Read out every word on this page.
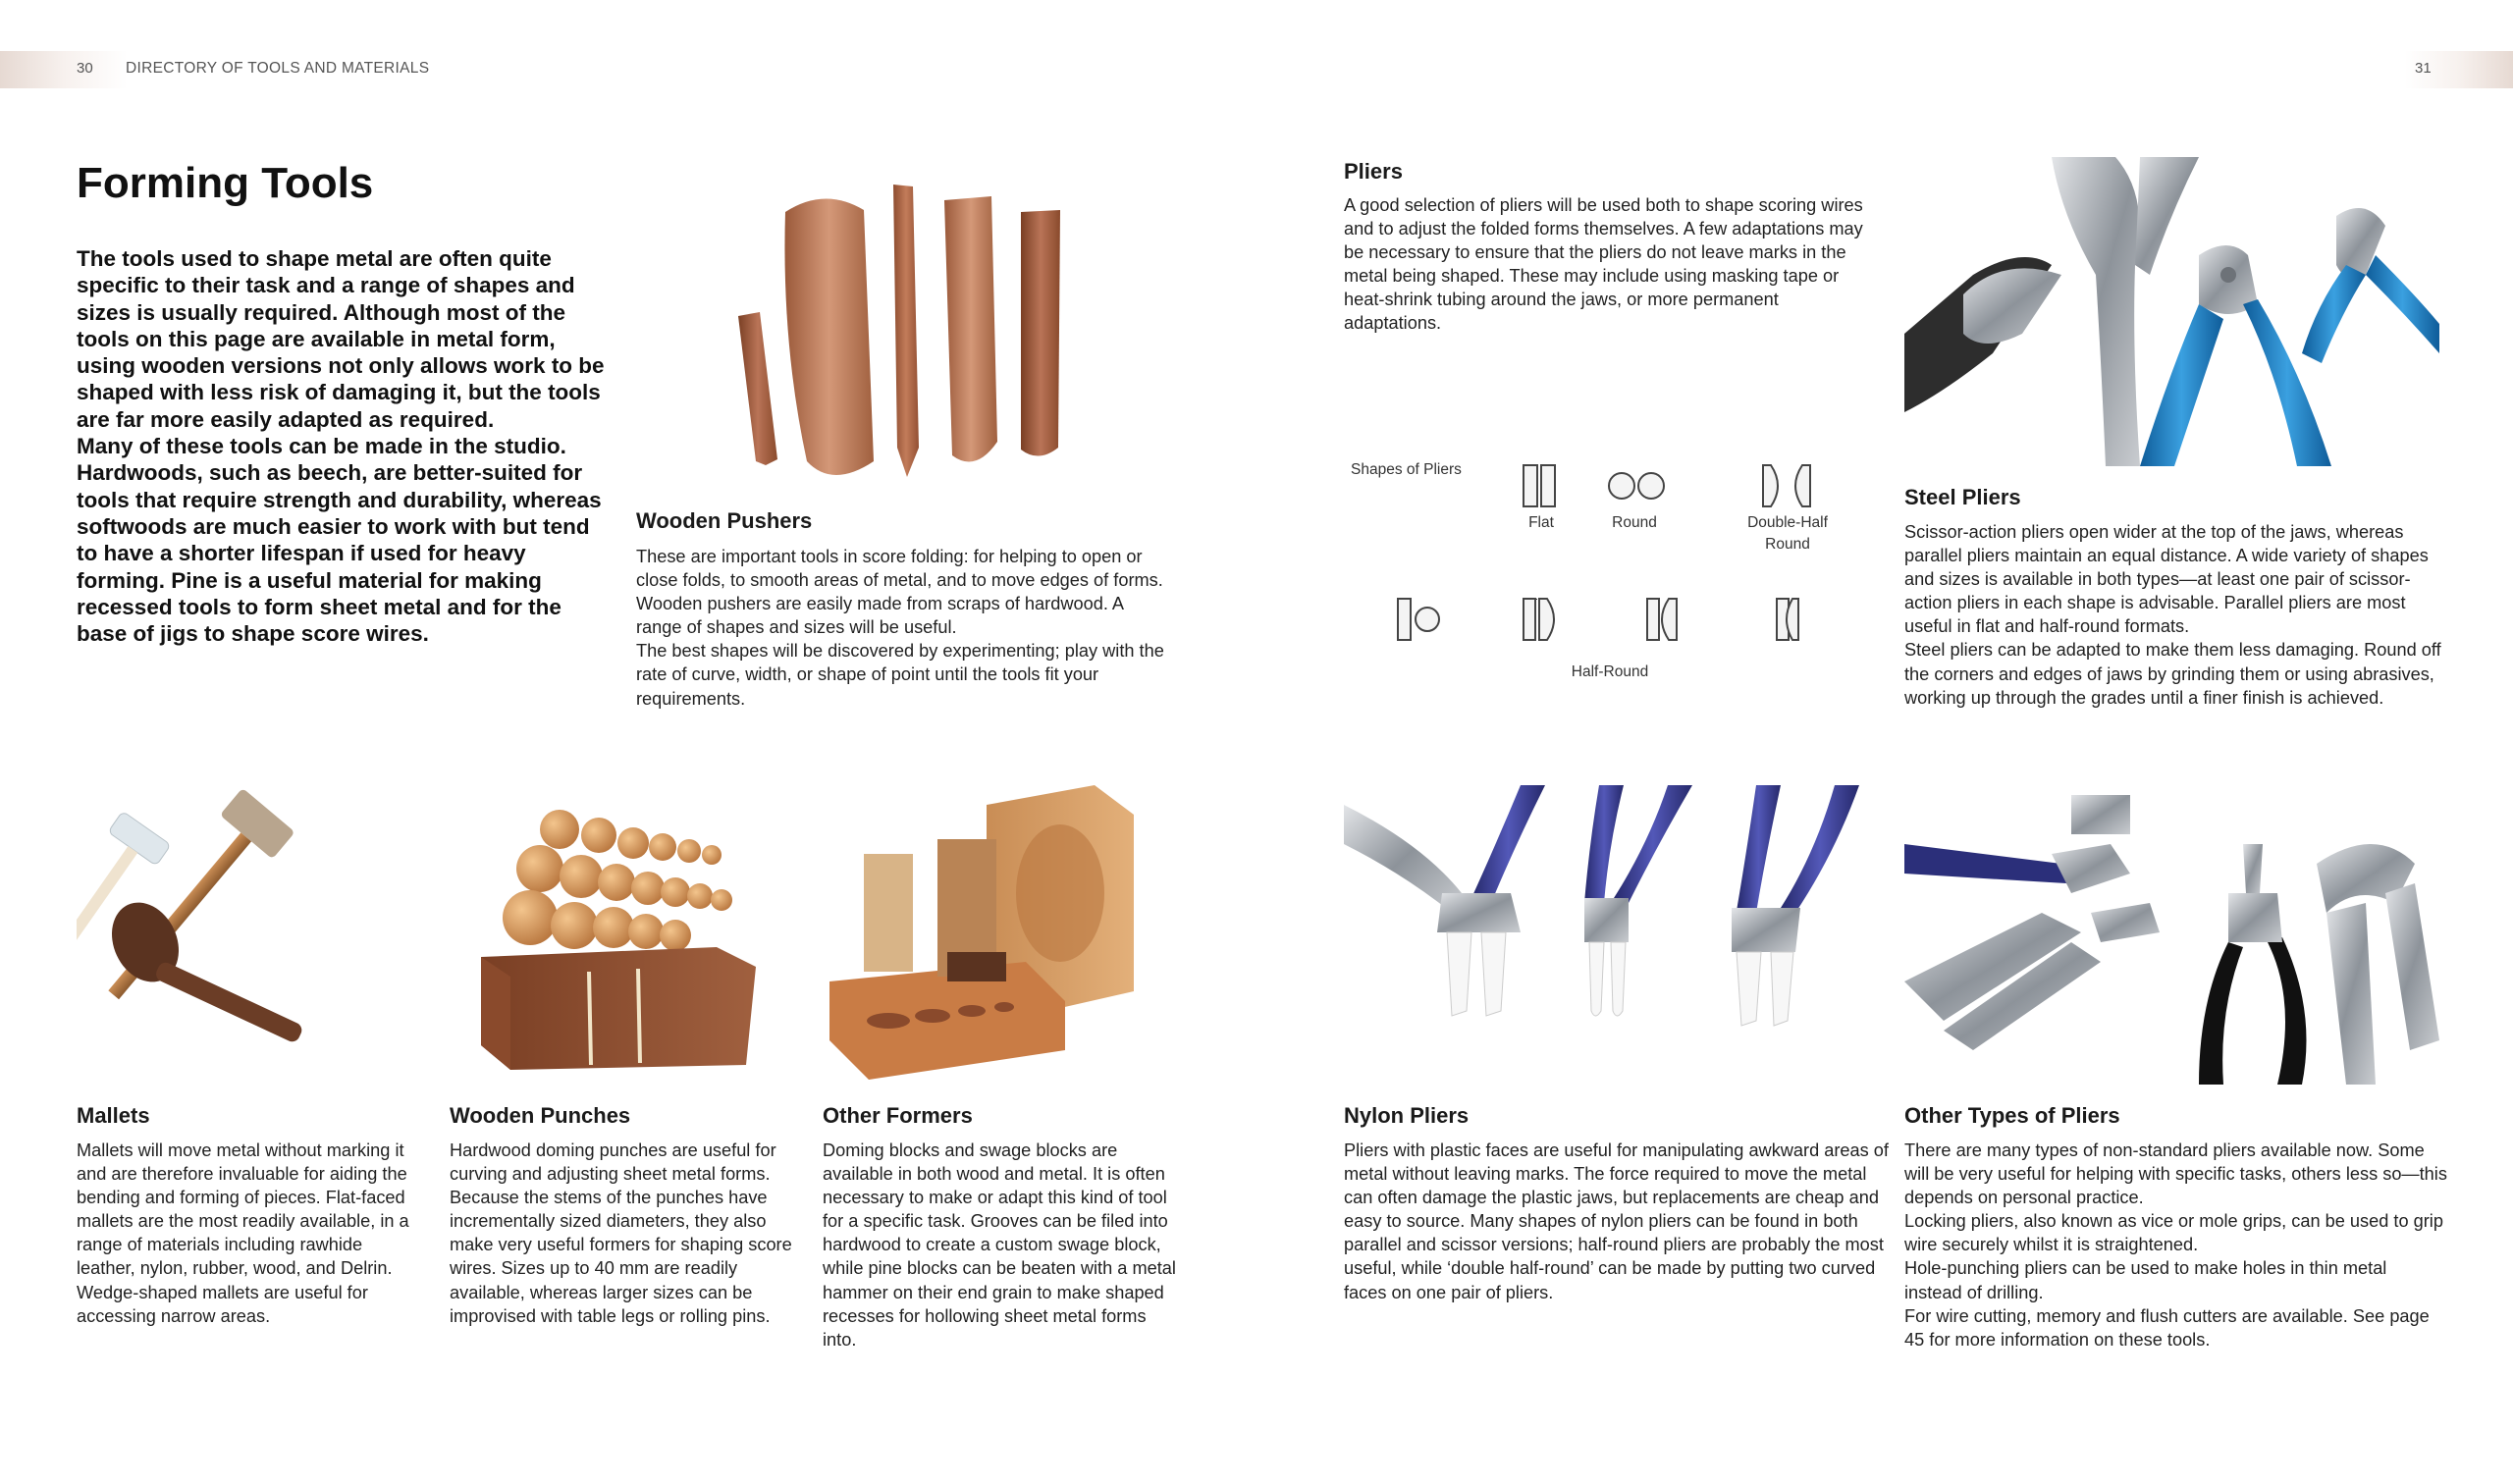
30 DIRECTORY OF TOOLS AND MATERIALS	31
Forming Tools

The tools used to shape metal are often quite specific to their task and a range of shapes and sizes is usually required. Although most of the tools on this page are available in metal form, using wooden versions not only allows work to be shaped with less risk of damaging it, but the tools are far more easily adapted as required.

Many of these tools can be made in the studio. Hardwoods, such as beech, are better-suited for tools that require strength and durability, whereas softwoods are much easier to work with but tend to have a shorter lifespan if used for heavy forming. Pine is a useful material for making recessed tools to form sheet metal and for the base of jigs to shape score wires.

Wooden Pushers

These are important tools in score folding: for helping to open or close folds, to smooth areas of metal, and to move edges of forms.

Wooden pushers are easily made from scraps of hardwood. A range of shapes and sizes will be useful.

The best shapes will be discovered by experimenting; play with the rate of curve, width, or shape of point until the tools fit your requirements.

Pliers

A good selection of pliers will be used both to shape scoring wires and to adjust the folded forms themselves. A few adaptations may be necessary to ensure that the pliers do not leave marks in the metal being shaped. These may include using masking tape or heat-shrink tubing around the jaws, or more permanent adaptations.

Shapes of Pliers
Flat	Round	Double-Half Round
Half-Round
Steel Pliers

Scissor-action pliers open wider at the top of the jaws, whereas parallel pliers maintain an equal distance. A wide variety of shapes and sizes is available in both types—at least one pair of scissor-action pliers in each shape is advisable. Parallel pliers are most useful in flat and half-round formats.

Steel pliers can be adapted to make them less damaging. Round off the corners and edges of jaws by grinding them or using abrasives, working up through the grades until a finer finish is achieved.

Mallets

Mallets will move metal without marking it and are therefore invaluable for aiding the bending and forming of pieces. Flat-faced mallets are the most readily available, in a range of materials including rawhide leather, nylon, rubber, wood, and Delrin. Wedge-shaped mallets are useful for accessing narrow areas.

Wooden Punches

Hardwood doming punches are useful for curving and adjusting sheet metal forms. Because the stems of the punches have incrementally sized diameters, they also make very useful formers for shaping score wires. Sizes up to 40 mm are readily available, whereas larger sizes can be improvised with table legs or rolling pins.

Other Formers

Doming blocks and swage blocks are available in both wood and metal. It is often necessary to make or adapt this kind of tool for a specific task. Grooves can be filed into hardwood to create a custom swage block, while pine blocks can be beaten with a metal hammer on their end grain to make shaped recesses for hollowing sheet metal forms into.

Nylon Pliers

Pliers with plastic faces are useful for manipulating awkward areas of metal without leaving marks. The force required to move the metal can often damage the plastic jaws, but replacements are cheap and easy to source. Many shapes of nylon pliers can be found in both parallel and scissor versions; half-round pliers are probably the most useful, while ‘double half-round’ can be made by putting two curved faces on one pair of pliers.

Other Types of Pliers

There are many types of non-standard pliers available now. Some will be very useful for helping with specific tasks, others less so—this depends on personal practice.

Locking pliers, also known as vice or mole grips, can be used to grip wire securely whilst it is straightened.

Hole-punching pliers can be used to make holes in thin metal instead of drilling.

For wire cutting, memory and flush cutters are available. See page 45 for more information on these tools.
